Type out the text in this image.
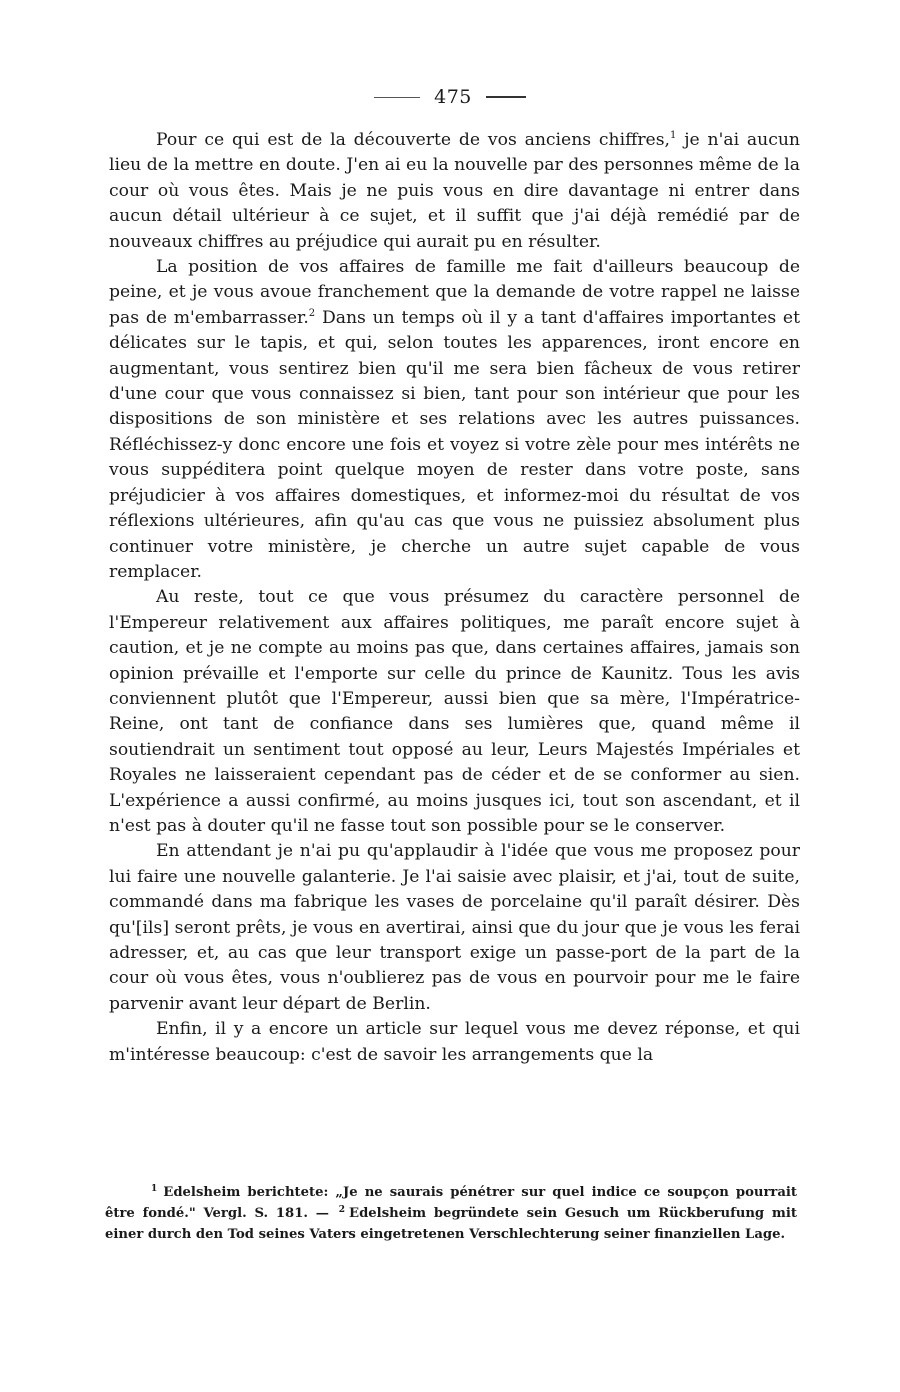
475

Pour ce qui est de la découverte de vos anciens chiffres,$^1$ je n'ai aucun lieu de la mettre en doute. J'en ai eu la nouvelle par des personnes même de la cour où vous êtes. Mais je ne puis vous en dire davantage ni entrer dans aucun détail ultérieur à ce sujet, et il suffit que j'ai déjà remédié par de nouveaux chiffres au préjudice qui aurait pu en résulter.

La position de vos affaires de famille me fait d'ailleurs beaucoup de peine, et je vous avoue franchement que la demande de votre rappel ne laisse pas de m'embarrasser.$^2$ Dans un temps où il y a tant d'affaires importantes et délicates sur le tapis, et qui, selon toutes les apparences, iront encore en augmentant, vous sentirez bien qu'il me sera bien fâcheux de vous retirer d'une cour que vous connaissez si bien, tant pour son intérieur que pour les dispositions de son ministère et ses relations avec les autres puissances. Réfléchissez-y donc encore une fois et voyez si votre zèle pour mes intérêts ne vous suppéditera point quelque moyen de rester dans votre poste, sans préjudicier à vos affaires domestiques, et informez-moi du résultat de vos réflexions ultérieures, afin qu'au cas que vous ne puissiez absolument plus continuer votre ministère, je cherche un autre sujet capable de vous remplacer.

Au reste, tout ce que vous présumez du caractère personnel de l'Empereur relativement aux affaires politiques, me paraît encore sujet à caution, et je ne compte au moins pas que, dans certaines affaires, jamais son opinion prévaille et l'emporte sur celle du prince de Kaunitz. Tous les avis conviennent plutôt que l'Empereur, aussi bien que sa mère, l'Impératrice-Reine, ont tant de confiance dans ses lumières que, quand même il soutiendrait un sentiment tout opposé au leur, Leurs Majestés Impériales et Royales ne laisseraient cependant pas de céder et de se conformer au sien. L'expérience a aussi confirmé, au moins jusques ici, tout son ascendant, et il n'est pas à douter qu'il ne fasse tout son possible pour se le conserver.

En attendant je n'ai pu qu'applaudir à l'idée que vous me proposez pour lui faire une nouvelle galanterie. Je l'ai saisie avec plaisir, et j'ai, tout de suite, commandé dans ma fabrique les vases de porcelaine qu'il paraît désirer. Dès qu'[ils] seront prêts, je vous en avertirai, ainsi que du jour que je vous les ferai adresser, et, au cas que leur transport exige un passe-port de la part de la cour où vous êtes, vous n'oublierez pas de vous en pourvoir pour me le faire parvenir avant leur départ de Berlin.

Enfin, il y a encore un article sur lequel vous me devez réponse, et qui m'intéresse beaucoup: c'est de savoir les arrangements que la

$^1$ Edelsheim berichtete: „Je ne saurais pénétrer sur quel indice ce soupçon pourrait être fondé." Vergl. S. 181. — $^2$ Edelsheim begründete sein Gesuch um Rückberufung mit einer durch den Tod seines Vaters eingetretenen Verschlechterung seiner finanziellen Lage.
